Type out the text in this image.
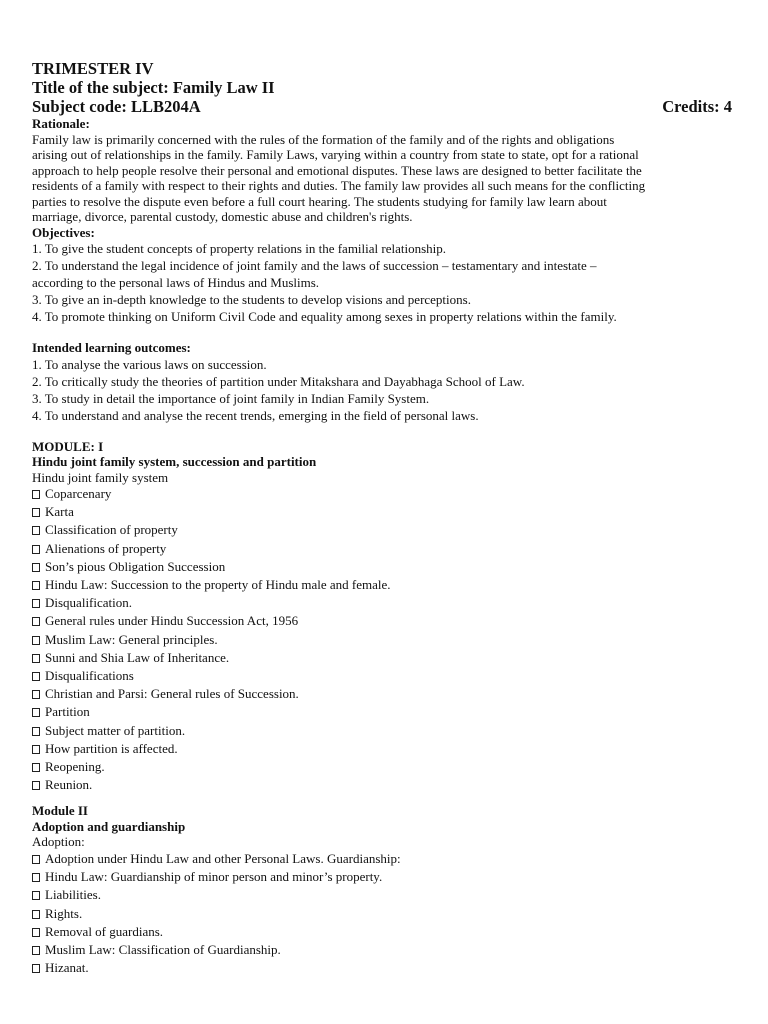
TRIMESTER IV
Title of the subject: Family Law II
Subject code: LLB204A	Credits: 4
Rationale:
Family law is primarily concerned with the rules of the formation of the family and of the rights and obligations
arising out of relationships in the family. Family Laws, varying within a country from state to state, opt for a rational
approach to help people resolve their personal and emotional disputes. These laws are designed to better facilitate the
residents of a family with respect to their rights and duties. The family law provides all such means for the conflicting
parties to resolve the dispute even before a full court hearing. The students studying for family law learn about
marriage, divorce, parental custody, domestic abuse and children's rights.
Objectives:
1. To give the student concepts of property relations in the familial relationship.
2. To understand the legal incidence of joint family and the laws of succession – testamentary and intestate –
according to the personal laws of Hindus and Muslims.
3. To give an in-depth knowledge to the students to develop visions and perceptions.
4. To promote thinking on Uniform Civil Code and equality among sexes in property relations within the family.
Intended learning outcomes:
1. To analyse the various laws on succession.
2. To critically study the theories of partition under Mitakshara and Dayabhaga School of Law.
3. To study in detail the importance of joint family in Indian Family System.
4. To understand and analyse the recent trends, emerging in the field of personal laws.
MODULE: I
Hindu joint family system, succession and partition
Hindu joint family system
Coparcenary
Karta
Classification of property
Alienations of property
Son’s pious Obligation Succession
Hindu Law: Succession to the property of Hindu male and female.
Disqualification.
General rules under Hindu Succession Act, 1956
Muslim Law: General principles.
Sunni and Shia Law of Inheritance.
Disqualifications
Christian and Parsi: General rules of Succession.
Partition
Subject matter of partition.
How partition is affected.
Reopening.
Reunion.
Module II
Adoption and guardianship
Adoption:
Adoption under Hindu Law and other Personal Laws. Guardianship:
Hindu Law: Guardianship of minor person and minor’s property.
Liabilities.
Rights.
Removal of guardians.
Muslim Law: Classification of Guardianship.
Hizanat.
